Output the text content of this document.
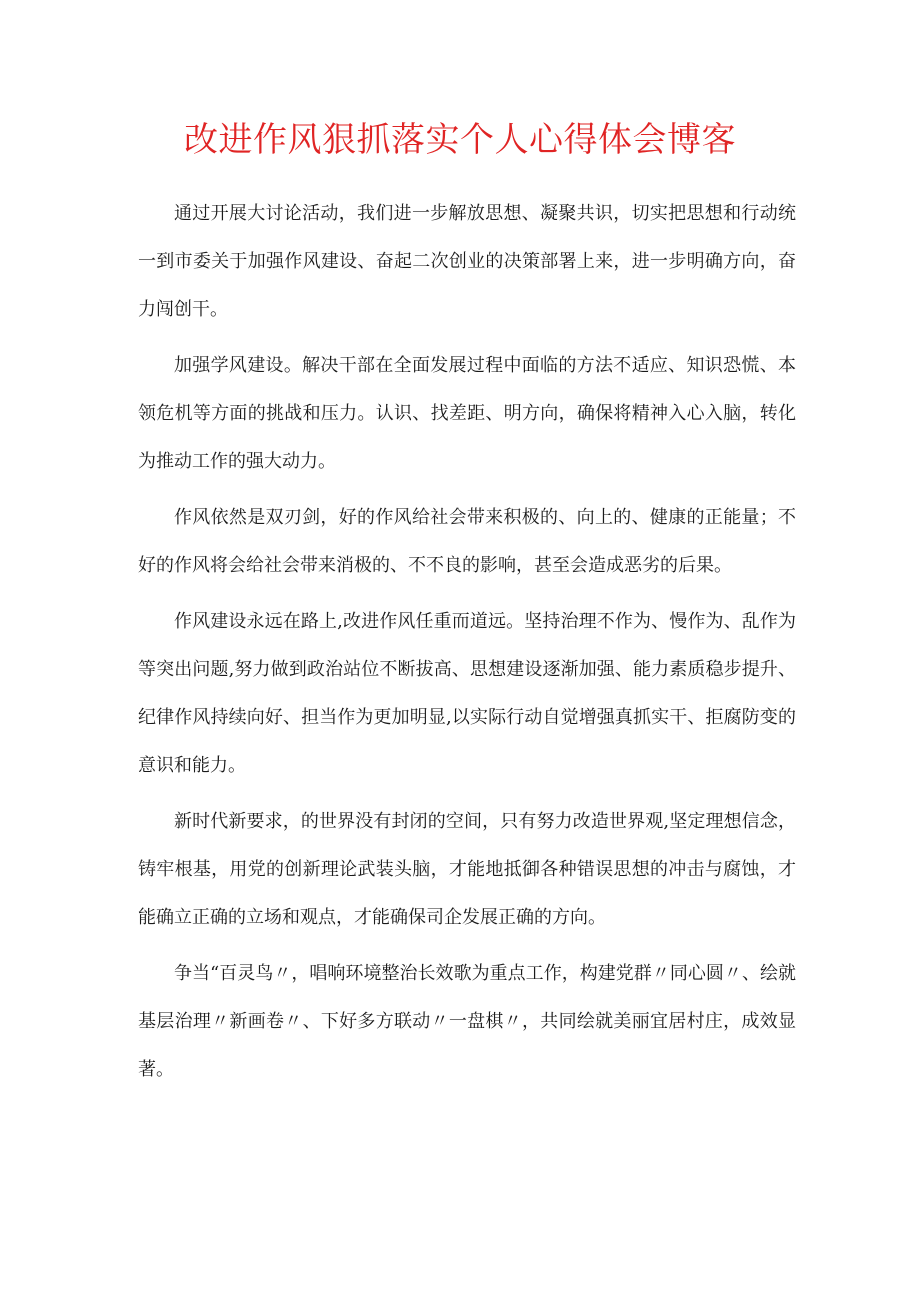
改进作风狠抓落实个人心得体会博客

通过开展大讨论活动，我们进一步解放思想、凝聚共识，切实把思想和行动统一到市委关于加强作风建设、奋起二次创业的决策部署上来，进一步明确方向，奋力闯创干。

加强学风建设。解决干部在全面发展过程中面临的方法不适应、知识恐慌、本领危机等方面的挑战和压力。认识、找差距、明方向，确保将精神入心入脑，转化为推动工作的强大动力。

作风依然是双刃剑，好的作风给社会带来积极的、向上的、健康的正能量；不好的作风将会给社会带来消极的、不不良的影响，甚至会造成恶劣的后果。

作风建设永远在路上,改进作风任重而道远。坚持治理不作为、慢作为、乱作为等突出问题,努力做到政治站位不断拔高、思想建设逐渐加强、能力素质稳步提升、纪律作风持续向好、担当作为更加明显,以实际行动自觉增强真抓实干、拒腐防变的意识和能力。

新时代新要求，的世界没有封闭的空间，只有努力改造世界观,坚定理想信念，铸牢根基，用党的创新理论武装头脑，才能地抵御各种错误思想的冲击与腐蚀，才能确立正确的立场和观点，才能确保司企发展正确的方向。

争当“百灵鸟〃，唱响环境整治长效歌为重点工作，构建党群〃同心圆〃、绘就基层治理〃新画卷〃、下好多方联动〃一盘棋〃，共同绘就美丽宜居村庄，成效显著。
